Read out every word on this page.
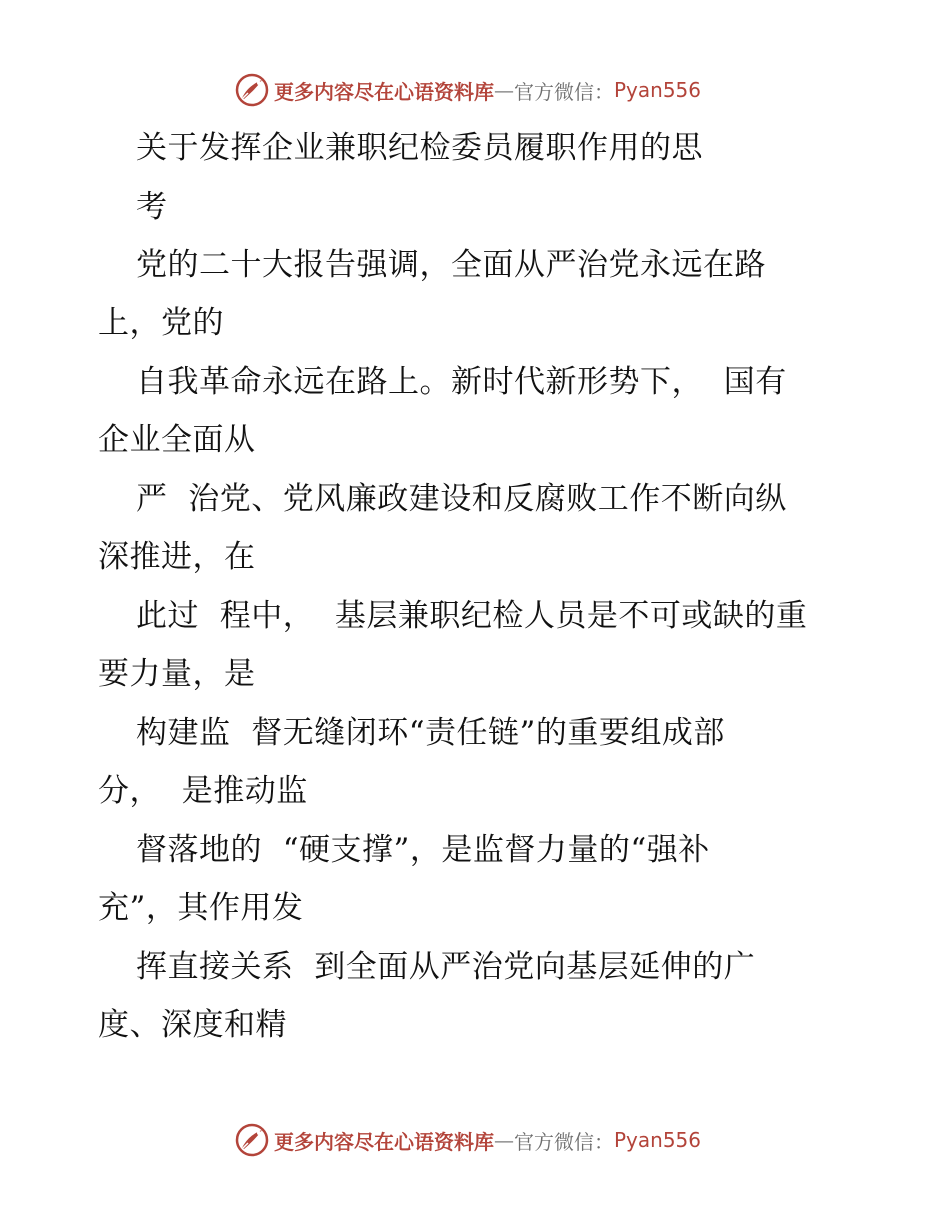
更多内容尽在心语资料库 — 官方微信： Pyan556
关于发挥企业兼职纪检委员履职作用的思
考
党的二十大报告强调，全面从严治党永远在路
上，党的
自我革命永远在路上。新时代新形势下，  国有
企业全面从
严  治党、党风廉政建设和反腐败工作不断向纵
深推进，在
此过  程中，  基层兼职纪检人员是不可或缺的重
要力量，是
构建监  督无缝闭环“责任链”的重要组成部
分，  是推动监
督落地的  “硬支撑”，是监督力量的“强补
充”，其作用发
挥直接关系  到全面从严治党向基层延伸的广
度、深度和精
更多内容尽在心语资料库 — 官方微信： Pyan556
